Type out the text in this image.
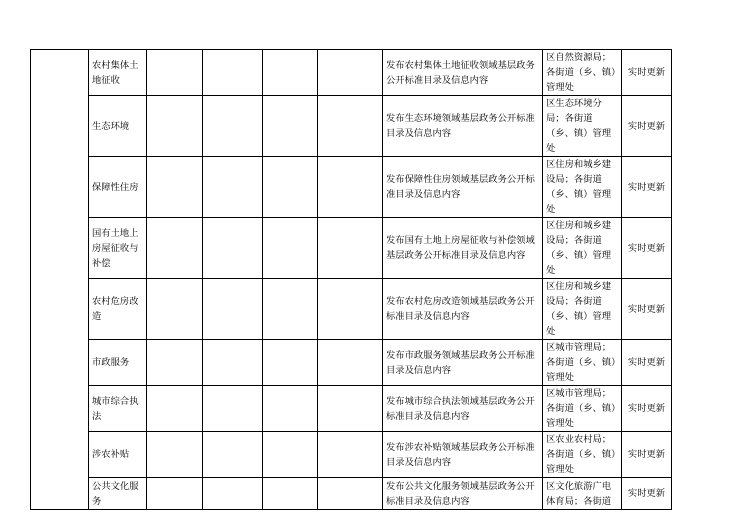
	农村集体土地征收					发布农村集体土地征收领域基层政务公开标准目录及信息内容	区自然资源局；各街道（乡、镇）管理处	实时更新
	生态环境					发布生态环境领域基层政务公开标准目录及信息内容	区生态环境分局；各街道（乡、镇）管理处	实时更新
	保障性住房					发布保障性住房领域基层政务公开标准目录及信息内容	区住房和城乡建设局；各街道（乡、镇）管理处	实时更新
	国有土地上房屋征收与补偿					发布国有土地上房屋征收与补偿领域基层政务公开标准目录及信息内容	区住房和城乡建设局；各街道（乡、镇）管理处	实时更新
	农村危房改造					发布农村危房改造领域基层政务公开标准目录及信息内容	区住房和城乡建设局；各街道（乡、镇）管理处	实时更新
	市政服务					发布市政服务领域基层政务公开标准目录及信息内容	区城市管理局；各街道（乡、镇）管理处	实时更新
	城市综合执法					发布城市综合执法领域基层政务公开标准目录及信息内容	区城市管理局；各街道（乡、镇）管理处	实时更新
	涉农补贴					发布涉农补贴领域基层政务公开标准目录及信息内容	区农业农村局；各街道（乡、镇）管理处	实时更新
	公共文化服务					发布公共文化服务领域基层政务公开标准目录及信息内容	区文化旅游广电体育局；各街道	实时更新
